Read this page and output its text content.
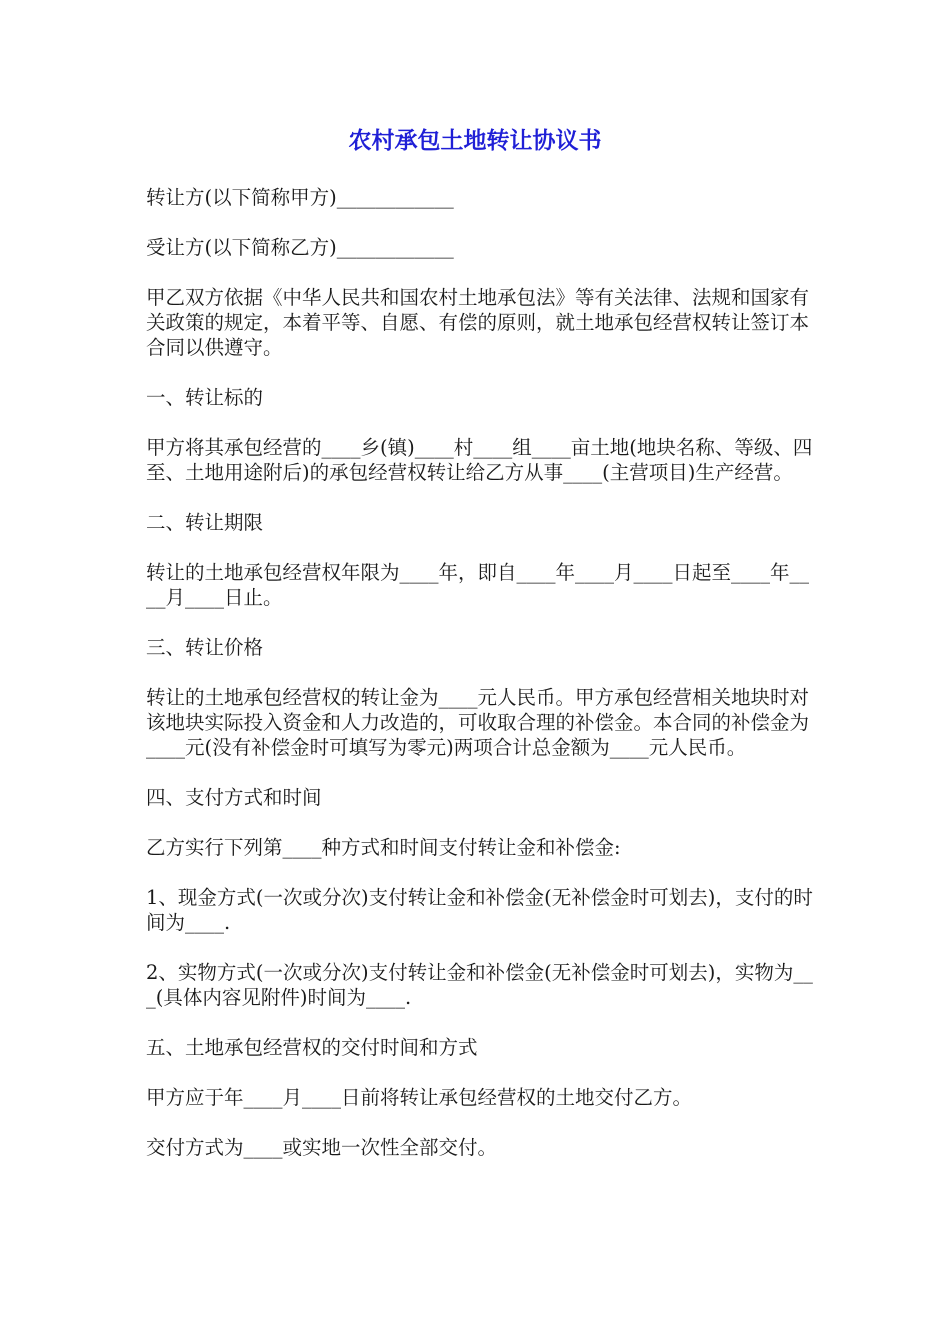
农村承包土地转让协议书

转让方(以下简称甲方)____________

受让方(以下简称乙方)____________

甲乙双方依据《中华人民共和国农村土地承包法》等有关法律、法规和国家有关政策的规定，本着平等、自愿、有偿的原则，就土地承包经营权转让签订本合同以供遵守。

一、转让标的

甲方将其承包经营的____乡(镇)____村____组____亩土地(地块名称、等级、四至、土地用途附后)的承包经营权转让给乙方从事____(主营项目)生产经营。

二、转让期限

转让的土地承包经营权年限为____年，即自____年____月____日起至____年____月____日止。

三、转让价格

转让的土地承包经营权的转让金为____元人民币。甲方承包经营相关地块时对该地块实际投入资金和人力改造的，可收取合理的补偿金。本合同的补偿金为____元(没有补偿金时可填写为零元)两项合计总金额为____元人民币。

四、支付方式和时间

乙方实行下列第____种方式和时间支付转让金和补偿金:

1、现金方式(一次或分次)支付转让金和补偿金(无补偿金时可划去)，支付的时间为____.

2、实物方式(一次或分次)支付转让金和补偿金(无补偿金时可划去)，实物为___(具体内容见附件)时间为____.

五、土地承包经营权的交付时间和方式

甲方应于年____月____日前将转让承包经营权的土地交付乙方。

交付方式为____或实地一次性全部交付。
